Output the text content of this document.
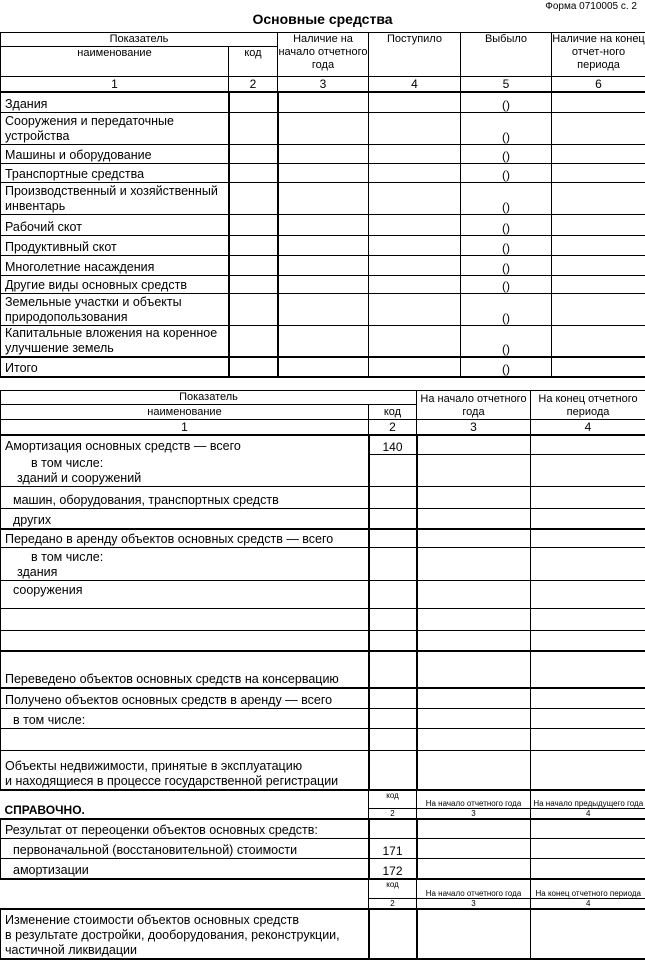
Форма 0710005 с. 2
Основные средства
Показатель		Наличие на начало отчетного года	Поступило	Выбыло	Наличие на конец отчет-ного периода
наименование	код				
1	2	3	4	5	6
Здания				()	
Сооружения и передаточные устройства				()	
Машины и оборудование				()	
Транспортные средства				()	
Производственный и хозяйственный инвентарь				()	
Рабочий скот				()	
Продуктивный скот				()	
Многолетние насаждения				()	
Другие виды основных средств				()	
Земельные участки и объекты природопользования				()	
Капитальные вложения на коренное улучшение земель				()	
Итого				()	
Показатель		На начало отчетного года	На конец отчетного периода
наименование	код		
1	2	3	4
Амортизация основных средств — всего	140		

в том числе:
зданий и сооружений			

машин, оборудования, транспортных средств			
других			
Передано в аренду объектов основных средств — всего			

в том числе:
здания			

сооружения			

Переведено объектов основных средств на консервацию			
Получено объектов основных средств в аренду — всего			
в том числе:			

Объекты недвижимости, принятые в эксплуатацию
и находящиеся в процессе государственной регистрации			

СПРАВОЧНО.	код	На начало отчетного года	На начало предыдущего года
	2	3	4
Результат от переоценки объектов основных средств:			
первоначальной (восстановительной) стоимости	171		
амортизации	172		
	код	На начало отчетного года	На конец отчетного периода
	2	3	4

Изменение стоимости объектов основных средств
в результате достройки, дооборудования, реконструкции,
частичной ликвидации			
